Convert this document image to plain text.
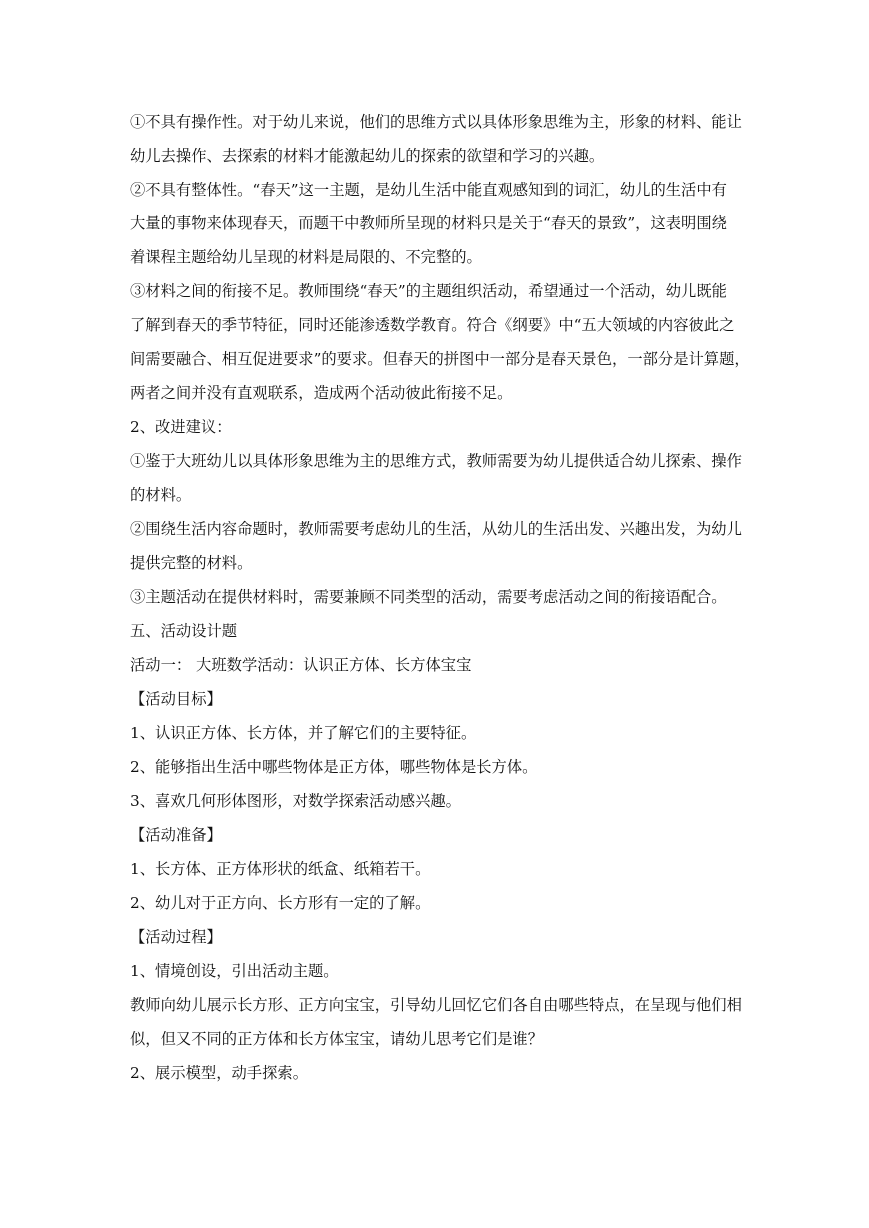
①不具有操作性。对于幼儿来说，他们的思维方式以具体形象思维为主，形象的材料、能让
幼儿去操作、去探索的材料才能激起幼儿的探索的欲望和学习的兴趣。
②不具有整体性。“春天”这一主题，是幼儿生活中能直观感知到的词汇，幼儿的生活中有
大量的事物来体现春天，而题干中教师所呈现的材料只是关于“春天的景致”，这表明围绕
着课程主题给幼儿呈现的材料是局限的、不完整的。
③材料之间的衔接不足。教师围绕“春天”的主题组织活动，希望通过一个活动，幼儿既能
了解到春天的季节特征，同时还能渗透数学教育。符合《纲要》中“五大领域的内容彼此之
间需要融合、相互促进要求”的要求。但春天的拼图中一部分是春天景色，一部分是计算题，
两者之间并没有直观联系，造成两个活动彼此衔接不足。
2、改进建议：
①鉴于大班幼儿以具体形象思维为主的思维方式，教师需要为幼儿提供适合幼儿探索、操作
的材料。
②围绕生活内容命题时，教师需要考虑幼儿的生活，从幼儿的生活出发、兴趣出发，为幼儿
提供完整的材料。
③主题活动在提供材料时，需要兼顾不同类型的活动，需要考虑活动之间的衔接语配合。
五、活动设计题
活动一： 大班数学活动：认识正方体、长方体宝宝
【活动目标】
1、认识正方体、长方体，并了解它们的主要特征。
2、能够指出生活中哪些物体是正方体，哪些物体是长方体。
3、喜欢几何形体图形，对数学探索活动感兴趣。
【活动准备】
1、长方体、正方体形状的纸盒、纸箱若干。
2、幼儿对于正方向、长方形有一定的了解。
【活动过程】
1、情境创设，引出活动主题。
教师向幼儿展示长方形、正方向宝宝，引导幼儿回忆它们各自由哪些特点，在呈现与他们相
似，但又不同的正方体和长方体宝宝，请幼儿思考它们是谁？
2、展示模型，动手探索。
